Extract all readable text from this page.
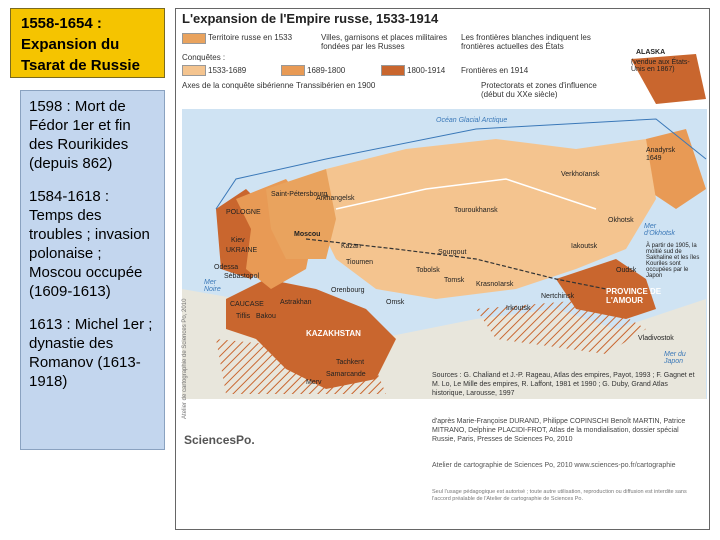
1558-1654 :
Expansion du
Tsarat de Russie

1598 : Mort de Fédor 1er et fin des Rourikides (depuis 862)

1584-1618 : Temps des troubles ; invasion polonaise ; Moscou occupée (1609-1613)

1613 : Michel 1er ; dynastie des Romanov (1613-1918)

L'expansion de l'Empire russe, 1533-1914
Territoire russe en 1533	Villes, garnisons et places militaires fondées par les Russes
Les frontières blanches indiquent les frontières actuelles des États
Conquêtes :
1533-1689	1689-1800	1800-1914 Frontières en 1914
Axes de la conquête sibérienne Transsibérien en 1900	Protectorats et zones d'influence (début du XXe siècle)
ALASKA
(vendue aux États-Unis en 1867)
Océan Glacial Arctique
Anadyrsk
1649
Arkhangelsk
Saint-Pétersbourg
Moscou
POLOGNE
UKRAINE
CAUCASE
KAZAKHSTAN
Kazan
Tioumen
Tobolsk
Tomsk
Omsk
Orenbourg
Astrakhan
Sourgout
Touroukhansk
Krasnoïarsk
Irkoutsk
Nertchinsk
Iakoutsk
Verkhoïansk
Okhotsk
Oudsk
Vladivostok
PROVINCE DE L'AMOUR
Mer d'Okhotsk
Mer du Japon
Mer Noire
Bakou
Tiflis
Tachkent
Samarcande
Merv
Odessa
Sébastopol
Kiev
À partir de 1905, la moitié sud de Sakhaline et les îles Kouriles sont occupées par le Japon
Sources : G. Chaliand et J.-P. Rageau, Atlas des empires, Payot, 1993 ; F. Gagnet et M. Lo, Le Mille des empires, R. Laffont, 1981 et 1990 ; G. Duby, Grand Atlas historique, Larousse, 1997
d'après Marie-Françoise DURAND, Philippe COPINSCHI Benoît MARTIN, Patrice MITRANO, Delphine PLACIDI-FROT, Atlas de la mondialisation, dossier spécial Russie, Paris, Presses de Sciences Po, 2010
Atelier de cartographie de Sciences Po, 2010 www.sciences-po.fr/cartographie
Seul l'usage pédagogique est autorisé ; toute autre utilisation, reproduction ou diffusion est interdite sans l'accord préalable de l'Atelier de cartographie de Sciences Po.
SciencesPo.
Atelier de cartographie de Sciences Po, 2010
